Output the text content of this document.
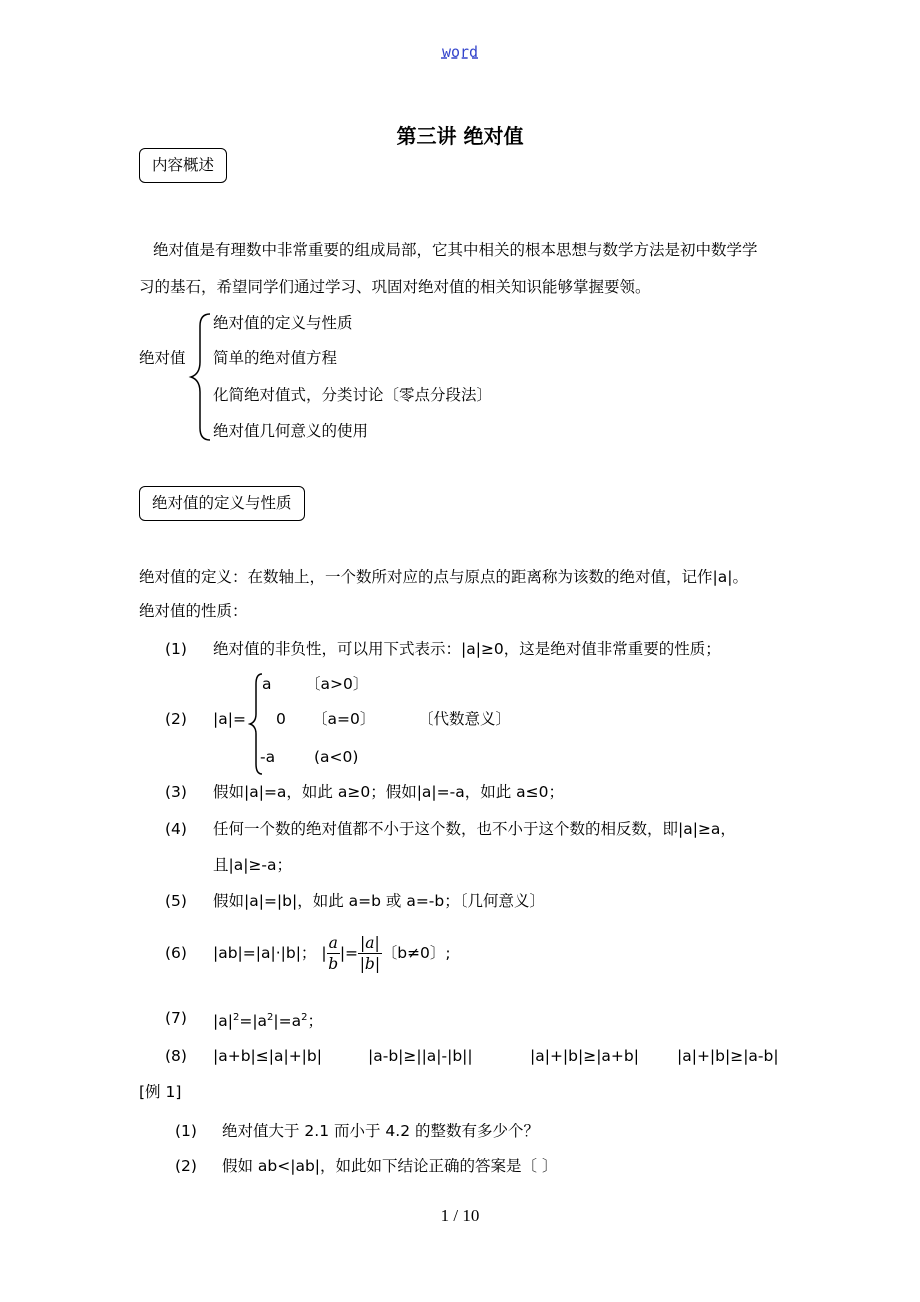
word
第三讲 绝对值
内容概述
绝对值是有理数中非常重要的组成局部，它其中相关的根本思想与数学方法是初中数学学
习的基石，希望同学们通过学习、巩固对绝对值的相关知识能够掌握要领。
绝对值
绝对值的定义与性质
简单的绝对值方程
化简绝对值式，分类讨论〔零点分段法〕
绝对值几何意义的使用
绝对值的定义与性质
绝对值的定义：在数轴上，一个数所对应的点与原点的距离称为该数的绝对值，记作|a|。
绝对值的性质：
(1) 绝对值的非负性，可以用下式表示：|a|≥0，这是绝对值非常重要的性质；
(2) |a|=
a 〔a>0〕
0 〔a=0〕
-a	(a<0)
〔代数意义〕
(3) 假如|a|=a，如此 a≥0；假如|a|=-a，如此 a≤0；
(4) 任何一个数的绝对值都不小于这个数，也不小于这个数的相反数，即|a|≥a，
且|a|≥-a；
(5) 假如|a|=|b|，如此 a=b 或 a=-b；〔几何意义〕
(6) |ab|=|a|·|b|； | $\frac{a}{b}$ |= $\frac{|a|}{|b|}$ 〔b≠0〕;
(7) $|a|^2=|a^2|=a^2$；
(8) |a+b|≤|a|+|b|	|a-b|≥||a|-|b||	|a|+|b|≥|a+b| |a|+|b|≥|a-b|
[例 1]
(1) 绝对值大于 2.1 而小于 4.2 的整数有多少个？
(2) 假如 ab<|ab|，如此如下结论正确的答案是〔 〕
1 / 10
